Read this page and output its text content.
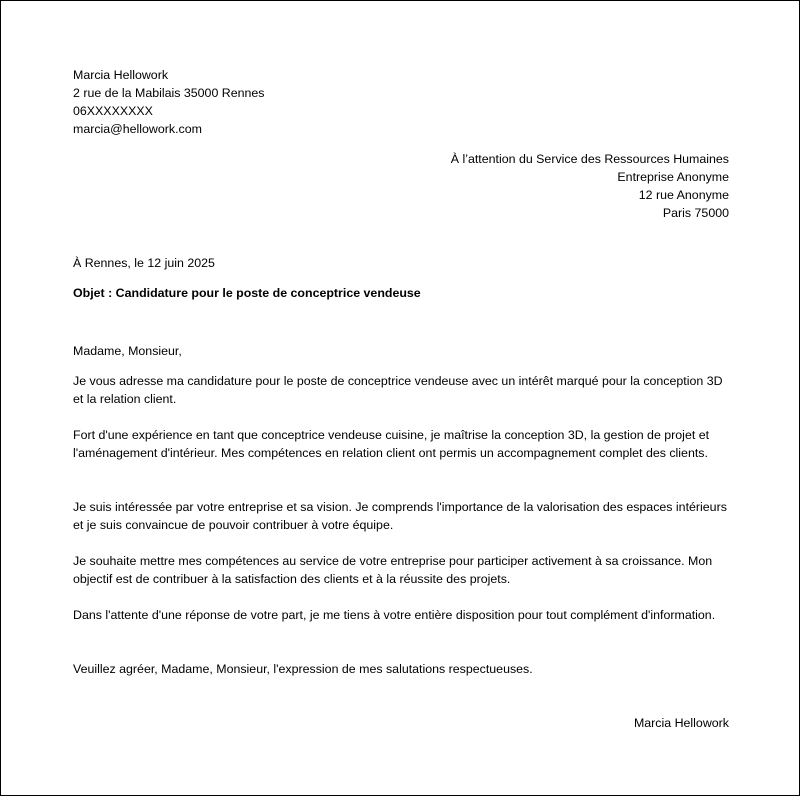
Marcia Hellowork
2 rue de la Mabilais 35000 Rennes
06XXXXXXXX
marcia@hellowork.com
À l’attention du Service des Ressources Humaines
Entreprise Anonyme
12 rue Anonyme
Paris 75000
À Rennes, le 12 juin 2025
Objet : Candidature pour le poste de conceptrice vendeuse
Madame, Monsieur,
Je vous adresse ma candidature pour le poste de conceptrice vendeuse avec un intérêt marqué pour la conception 3D et la relation client.
Fort d'une expérience en tant que conceptrice vendeuse cuisine, je maîtrise la conception 3D, la gestion de projet et l'aménagement d'intérieur. Mes compétences en relation client ont permis un accompagnement complet des clients.
Je suis intéressée par votre entreprise et sa vision. Je comprends l'importance de la valorisation des espaces intérieurs et je suis convaincue de pouvoir contribuer à votre équipe.
Je souhaite mettre mes compétences au service de votre entreprise pour participer activement à sa croissance. Mon objectif est de contribuer à la satisfaction des clients et à la réussite des projets.
Dans l'attente d'une réponse de votre part, je me tiens à votre entière disposition pour tout complément d'information.
Veuillez agréer, Madame, Monsieur, l'expression de mes salutations respectueuses.
Marcia Hellowork
